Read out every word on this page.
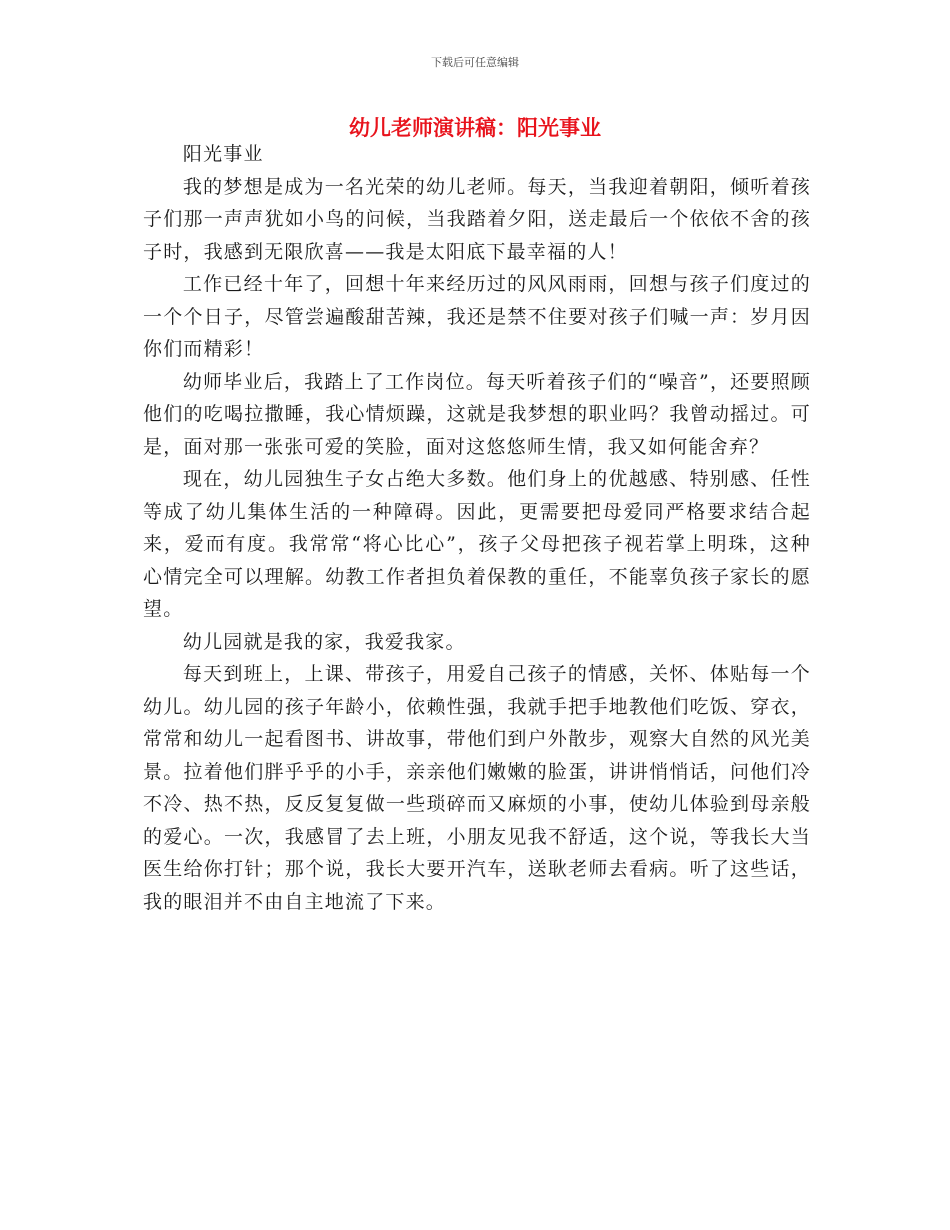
下载后可任意编辑
幼儿老师演讲稿：阳光事业

阳光事业

我的梦想是成为一名光荣的幼儿老师。每天，当我迎着朝阳，倾听着孩子们那一声声犹如小鸟的问候，当我踏着夕阳，送走最后一个依依不舍的孩子时，我感到无限欣喜——我是太阳底下最幸福的人！

工作已经十年了，回想十年来经历过的风风雨雨，回想与孩子们度过的一个个日子，尽管尝遍酸甜苦辣，我还是禁不住要对孩子们喊一声：岁月因你们而精彩！

幼师毕业后，我踏上了工作岗位。每天听着孩子们的“噪音”，还要照顾他们的吃喝拉撒睡，我心情烦躁，这就是我梦想的职业吗？我曾动摇过。可是，面对那一张张可爱的笑脸，面对这悠悠师生情，我又如何能舍弃？

现在，幼儿园独生子女占绝大多数。他们身上的优越感、特别感、任性等成了幼儿集体生活的一种障碍。因此，更需要把母爱同严格要求结合起来，爱而有度。我常常“将心比心”，孩子父母把孩子视若掌上明珠，这种心情完全可以理解。幼教工作者担负着保教的重任，不能辜负孩子家长的愿望。

幼儿园就是我的家，我爱我家。

每天到班上，上课、带孩子，用爱自己孩子的情感，关怀、体贴每一个幼儿。幼儿园的孩子年龄小，依赖性强，我就手把手地教他们吃饭、穿衣，常常和幼儿一起看图书、讲故事，带他们到户外散步，观察大自然的风光美景。拉着他们胖乎乎的小手，亲亲他们嫩嫩的脸蛋，讲讲悄悄话，问他们冷不冷、热不热，反反复复做一些琐碎而又麻烦的小事，使幼儿体验到母亲般的爱心。一次，我感冒了去上班，小朋友见我不舒适，这个说，等我长大当医生给你打针；那个说，我长大要开汽车，送耿老师去看病。听了这些话，我的眼泪并不由自主地流了下来。
